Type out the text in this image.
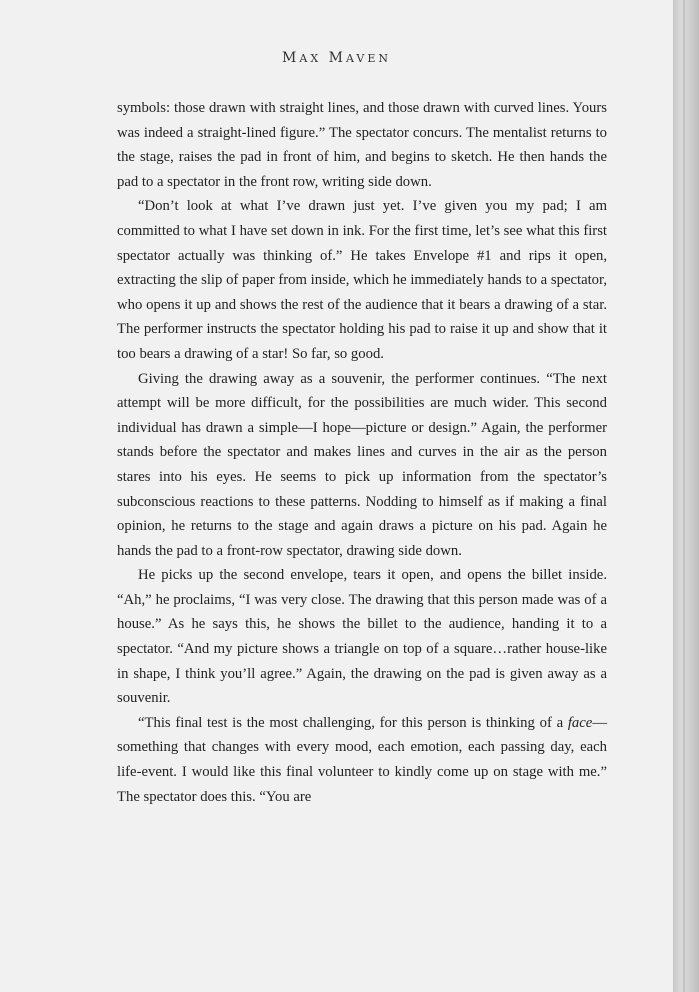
MAX MAVEN

symbols: those drawn with straight lines, and those drawn with curved lines. Yours was indeed a straight-lined figure.” The spectator concurs. The mentalist returns to the stage, raises the pad in front of him, and begins to sketch. He then hands the pad to a spectator in the front row, writing side down.

“Don’t look at what I’ve drawn just yet. I’ve given you my pad; I am committed to what I have set down in ink. For the first time, let’s see what this first spectator actually was thinking of.” He takes Envelope #1 and rips it open, extracting the slip of paper from inside, which he immediately hands to a spectator, who opens it up and shows the rest of the audience that it bears a drawing of a star. The performer instructs the spectator holding his pad to raise it up and show that it too bears a drawing of a star! So far, so good.

Giving the drawing away as a souvenir, the performer continues. “The next attempt will be more difficult, for the possibilities are much wider. This second individual has drawn a simple—I hope—picture or design.” Again, the performer stands before the spectator and makes lines and curves in the air as the person stares into his eyes. He seems to pick up information from the spectator’s subconscious reactions to these patterns. Nodding to himself as if making a final opinion, he returns to the stage and again draws a picture on his pad. Again he hands the pad to a front-row spectator, drawing side down.

He picks up the second envelope, tears it open, and opens the billet inside. “Ah,” he proclaims, “I was very close. The drawing that this person made was of a house.” As he says this, he shows the billet to the audience, handing it to a spectator. “And my picture shows a triangle on top of a square…rather house-like in shape, I think you’ll agree.” Again, the drawing on the pad is given away as a souvenir.

“This final test is the most challenging, for this person is thinking of a face—something that changes with every mood, each emotion, each passing day, each life-event. I would like this final volunteer to kindly come up on stage with me.” The spectator does this. “You are
